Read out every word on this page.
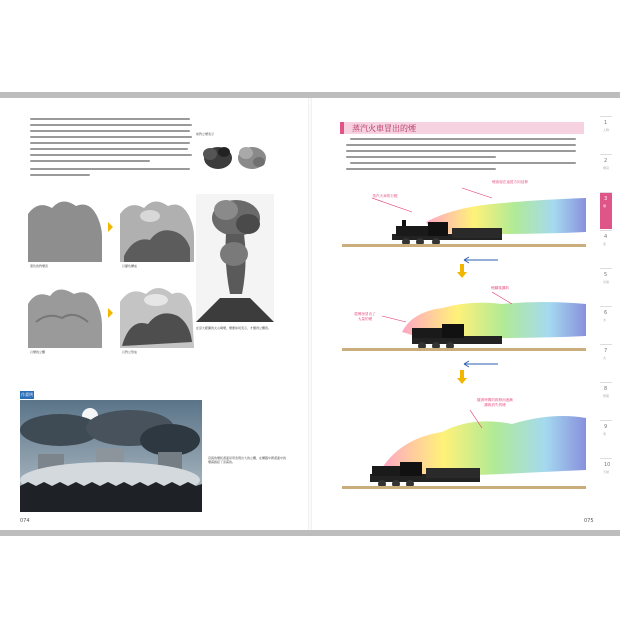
如對立煙表示
黑色的對煙雲	以顏色構成
以煙的立體	以對立形成
在這大範圍的火山噴煙，煙要如何表示，才顯得立體感。
作畫例
這張的煙狀畫面是用表現出大的立體，在構圖中將畫面中的煙霧捲起了雲霧的。
074
蒸汽火車冒出的煙
煙會留在途經方向延伸
蒸汽火車的行駛
煙翻捲擴散
從煙囪冒出了
大量的煙
隨著時間的推移而逐漸
擴散消失的煙
075
1
人物
2
場景
3
煙
4
雲
5
光線
6
水
7
火
8
閃電
9
雪
10
天候
